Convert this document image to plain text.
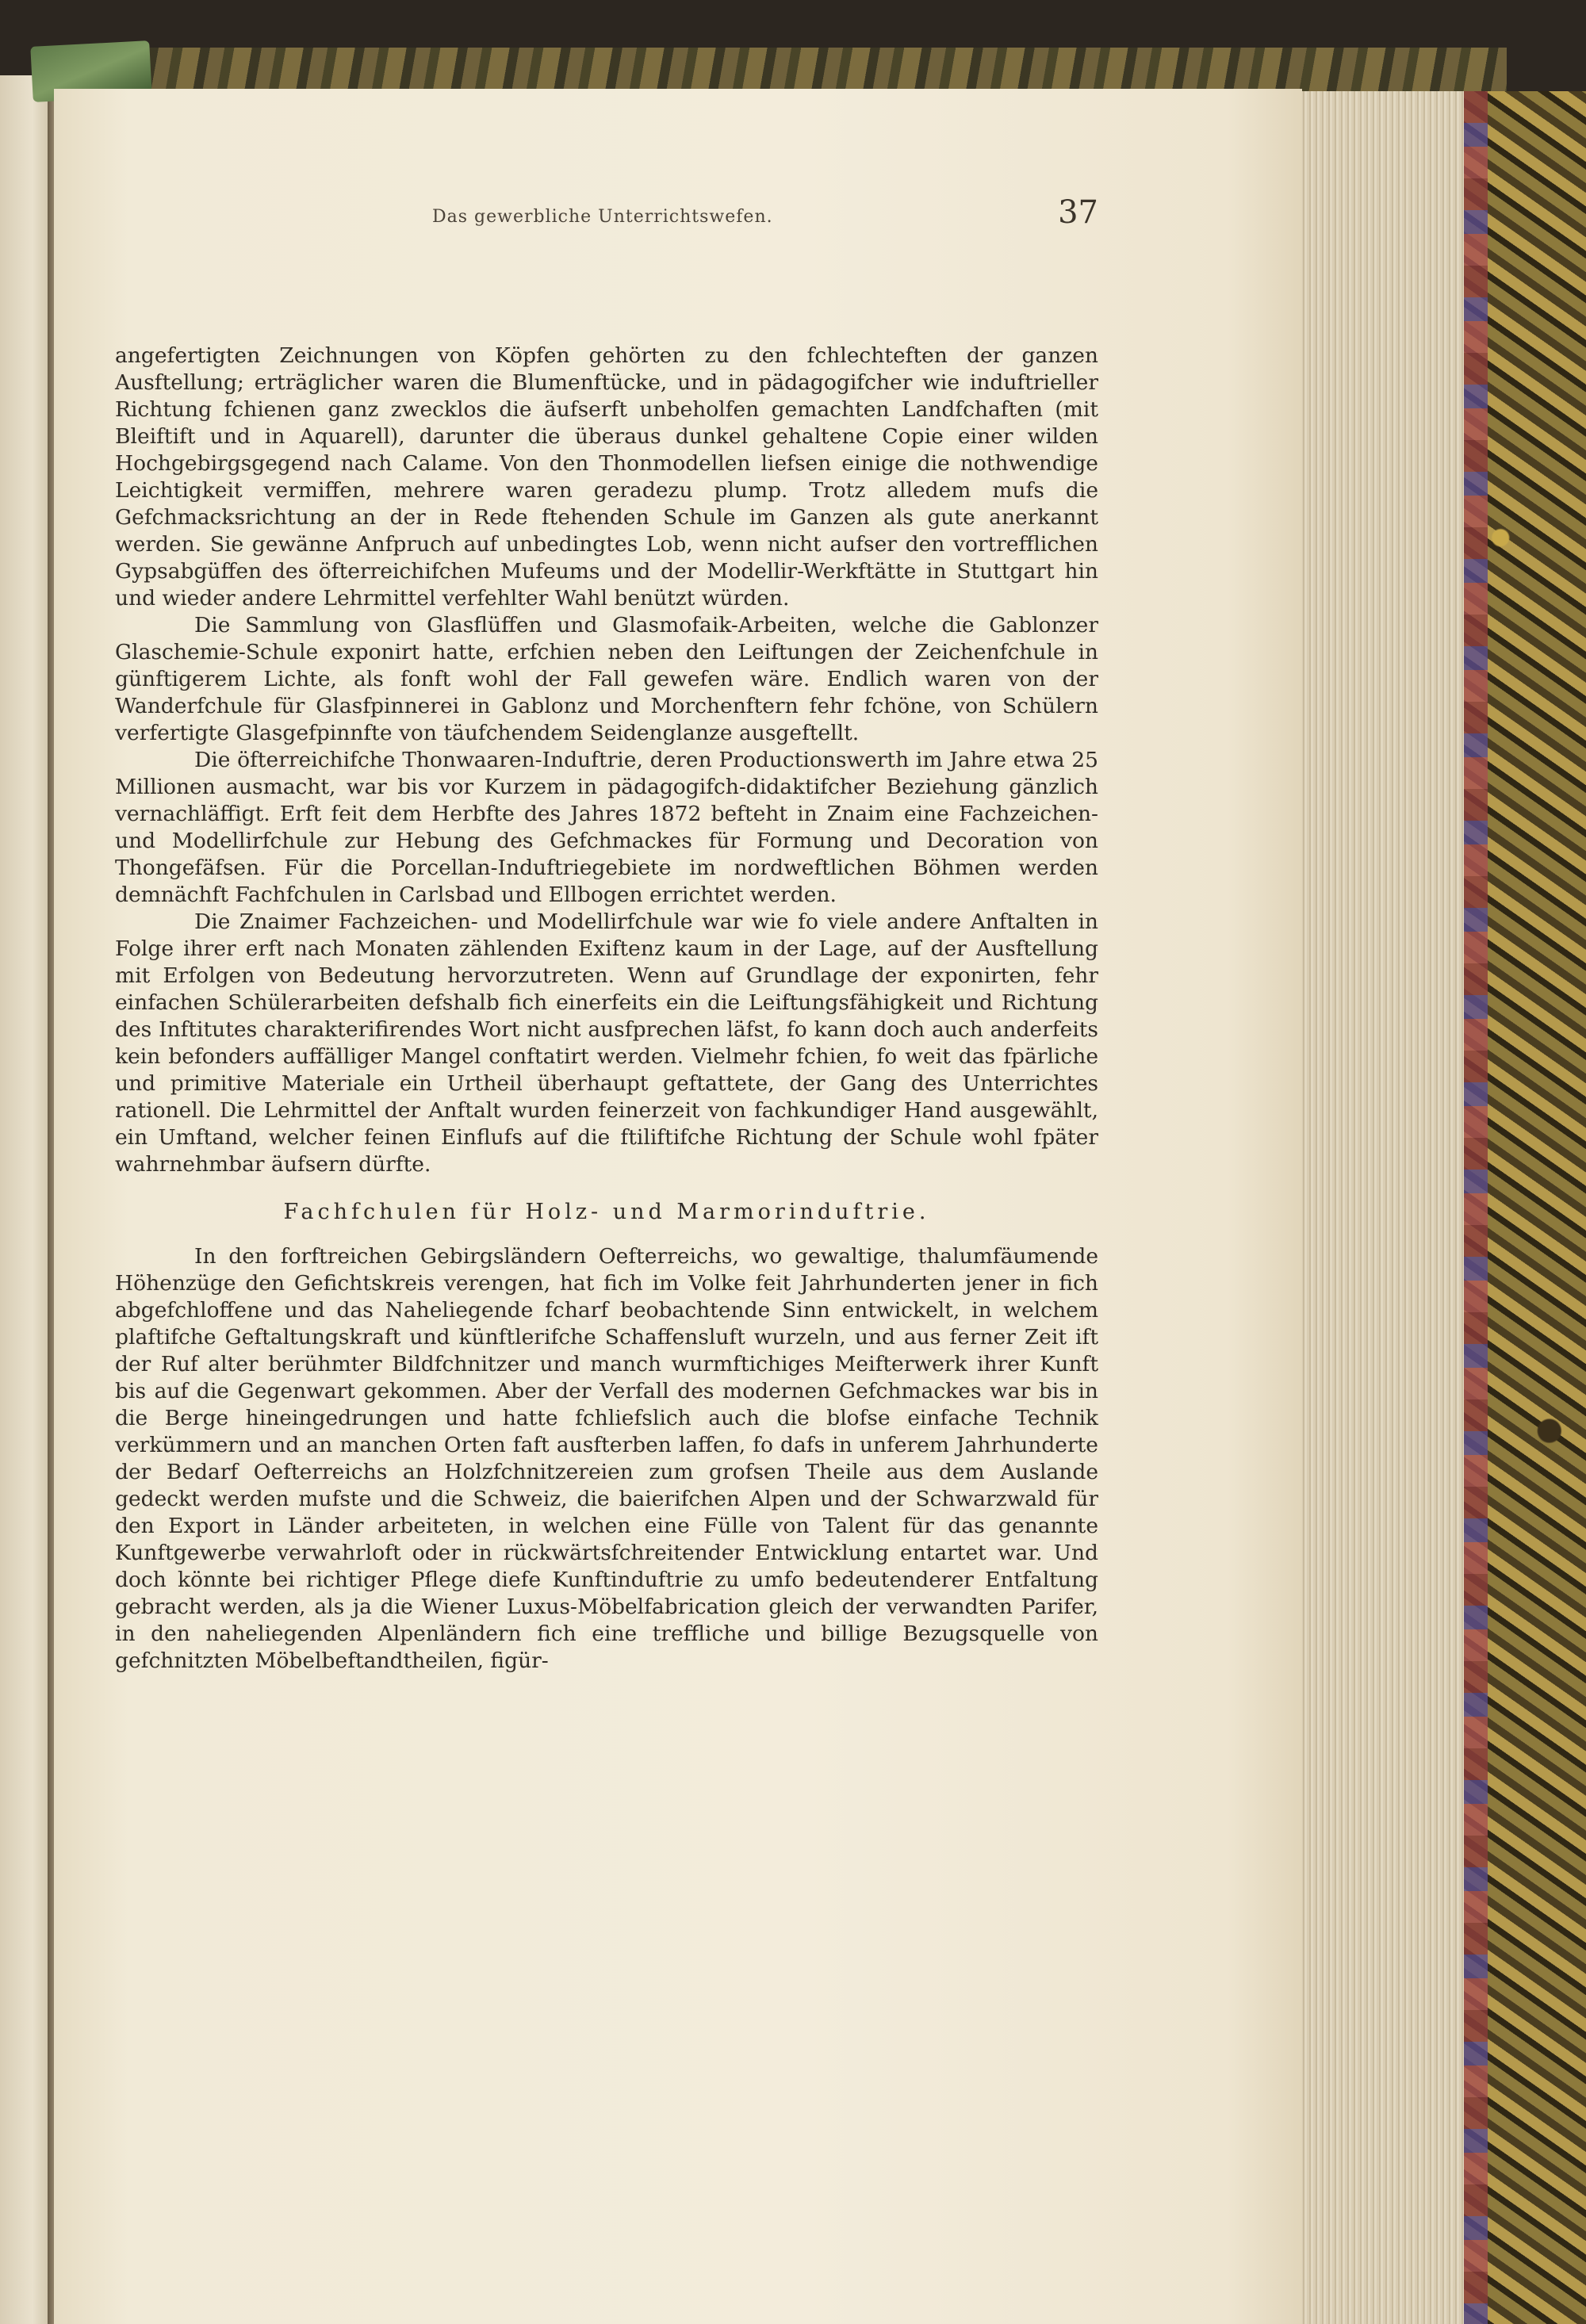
Das gewerbliche Unterrichtswefen.	37

angefertigten Zeichnungen von Köpfen gehörten zu den fchlechteften der ganzen Ausftellung; erträglicher waren die Blumenftücke, und in pädagogifcher wie induftrieller Richtung fchienen ganz zwecklos die äufserft unbeholfen gemachten Landfchaften (mit Bleiftift und in Aquarell), darunter die überaus dunkel gehaltene Copie einer wilden Hochgebirgsgegend nach Calame. Von den Thonmodellen liefsen einige die nothwendige Leichtigkeit vermiffen, mehrere waren geradezu plump. Trotz alledem mufs die Gefchmacksrichtung an der in Rede ftehenden Schule im Ganzen als gute anerkannt werden. Sie gewänne Anfpruch auf unbedingtes Lob, wenn nicht aufser den vortrefflichen Gypsabgüffen des öfterreichifchen Mufeums und der Modellir-Werkftätte in Stuttgart hin und wieder andere Lehrmittel verfehlter Wahl benützt würden.

Die Sammlung von Glasflüffen und Glasmofaik-Arbeiten, welche die Gablonzer Glaschemie-Schule exponirt hatte, erfchien neben den Leiftungen der Zeichenfchule in günftigerem Lichte, als fonft wohl der Fall gewefen wäre. Endlich waren von der Wanderfchule für Glasfpinnerei in Gablonz und Morchenftern fehr fchöne, von Schülern verfertigte Glasgefpinnfte von täufchendem Seidenglanze ausgeftellt.

Die öfterreichifche Thonwaaren-Induftrie, deren Productionswerth im Jahre etwa 25 Millionen ausmacht, war bis vor Kurzem in pädagogifch-didaktifcher Beziehung gänzlich vernachläffigt. Erft feit dem Herbfte des Jahres 1872 befteht in Znaim eine Fachzeichen- und Modellirfchule zur Hebung des Gefchmackes für Formung und Decoration von Thongefäfsen. Für die Porcellan-Induftriegebiete im nordweftlichen Böhmen werden demnächft Fachfchulen in Carlsbad und Ellbogen errichtet werden.

Die Znaimer Fachzeichen- und Modellirfchule war wie fo viele andere Anftalten in Folge ihrer erft nach Monaten zählenden Exiftenz kaum in der Lage, auf der Ausftellung mit Erfolgen von Bedeutung hervorzutreten. Wenn auf Grundlage der exponirten, fehr einfachen Schülerarbeiten defshalb fich einerfeits ein die Leiftungsfähigkeit und Richtung des Inftitutes charakterifirendes Wort nicht ausfprechen läfst, fo kann doch auch anderfeits kein befonders auffälliger Mangel conftatirt werden. Vielmehr fchien, fo weit das fpärliche und primitive Materiale ein Urtheil überhaupt geftattete, der Gang des Unterrichtes rationell. Die Lehrmittel der Anftalt wurden feinerzeit von fachkundiger Hand ausgewählt, ein Umftand, welcher feinen Einflufs auf die ftiliftifche Richtung der Schule wohl fpäter wahrnehmbar äufsern dürfte.

Fachfchulen für Holz- und Marmorinduftrie.

In den forftreichen Gebirgsländern Oefterreichs, wo gewaltige, thalumfäumende Höhenzüge den Gefichtskreis verengen, hat fich im Volke feit Jahrhunderten jener in fich abgefchloffene und das Naheliegende fcharf beobachtende Sinn entwickelt, in welchem plaftifche Geftaltungskraft und künftlerifche Schaffensluft wurzeln, und aus ferner Zeit ift der Ruf alter berühmter Bildfchnitzer und manch wurmftichiges Meifterwerk ihrer Kunft bis auf die Gegenwart gekommen. Aber der Verfall des modernen Gefchmackes war bis in die Berge hineingedrungen und hatte fchliefslich auch die blofse einfache Technik verkümmern und an manchen Orten faft ausfterben laffen, fo dafs in unferem Jahrhunderte der Bedarf Oefterreichs an Holzfchnitzereien zum grofsen Theile aus dem Auslande gedeckt werden mufste und die Schweiz, die baierifchen Alpen und der Schwarzwald für den Export in Länder arbeiteten, in welchen eine Fülle von Talent für das genannte Kunftgewerbe verwahrloft oder in rückwärtsfchreitender Entwicklung entartet war. Und doch könnte bei richtiger Pflege diefe Kunftinduftrie zu umfo bedeutenderer Entfaltung gebracht werden, als ja die Wiener Luxus-Möbelfabrication gleich der verwandten Parifer, in den naheliegenden Alpenländern fich eine treffliche und billige Bezugsquelle von gefchnitzten Möbelbeftandtheilen, figür-
